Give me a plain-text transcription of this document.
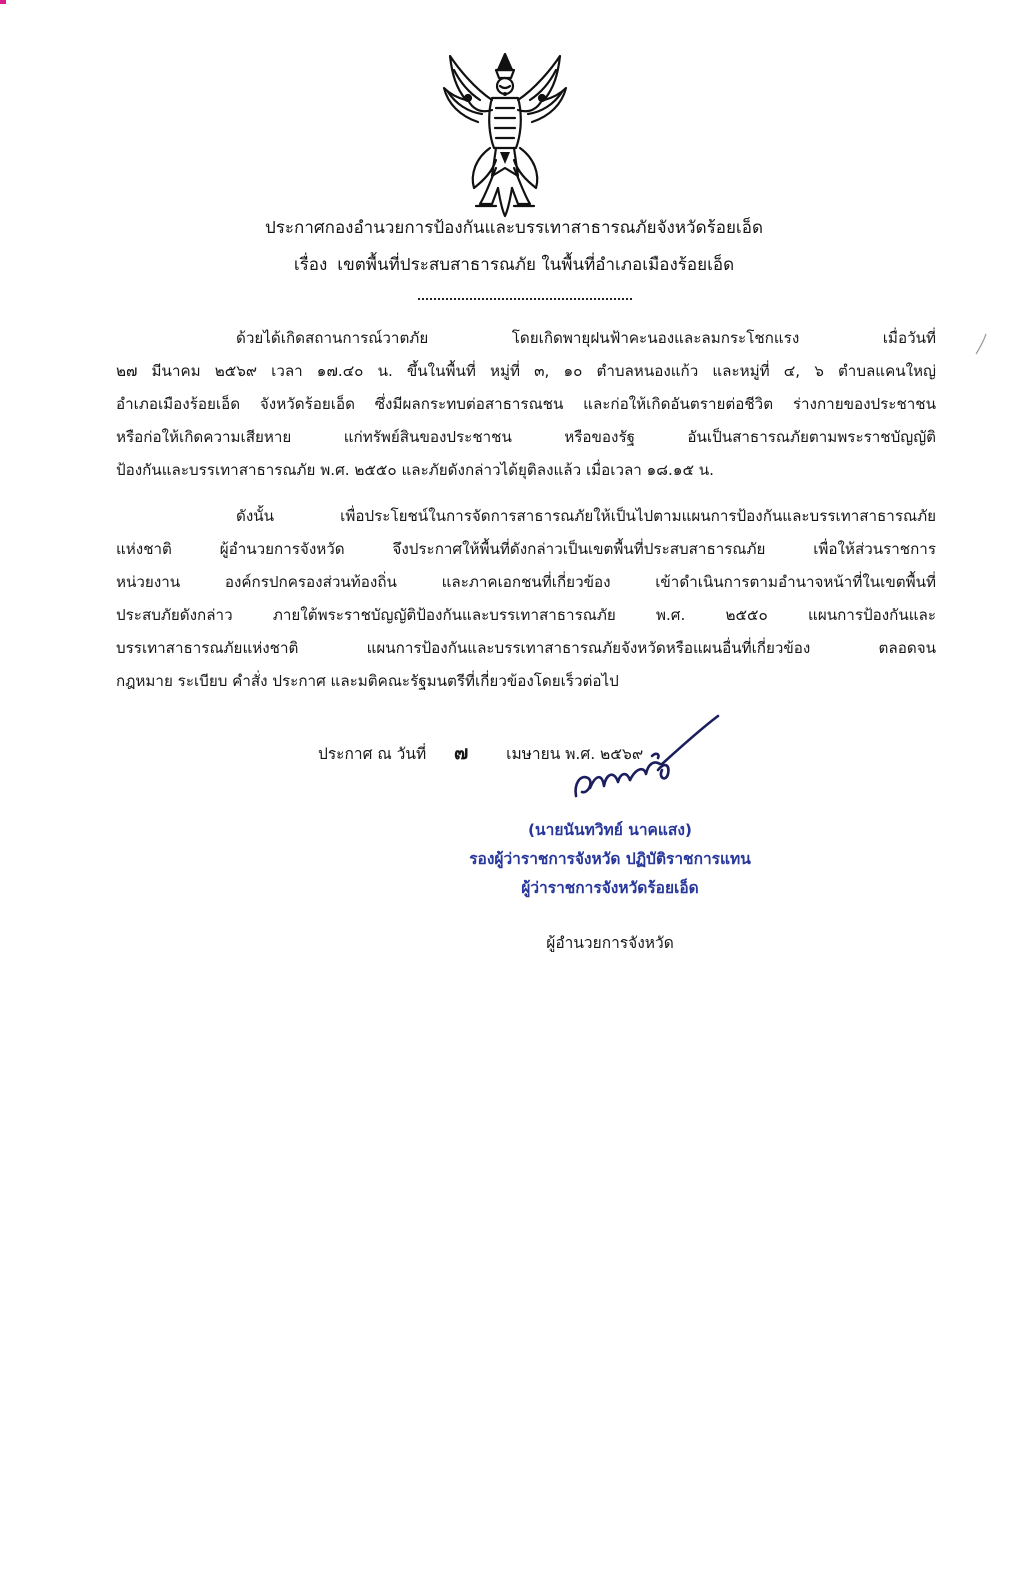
ประกาศกองอำนวยการป้องกันและบรรเทาสาธารณภัยจังหวัดร้อยเอ็ด
เรื่อง เขตพื้นที่ประสบสาธารณภัย ในพื้นที่อำเภอเมืองร้อยเอ็ด
ด้วยได้เกิดสถานการณ์วาตภัย โดยเกิดพายุฝนฟ้าคะนองและลมกระโชกแรง เมื่อวันที่
๒๗ มีนาคม ๒๕๖๙ เวลา ๑๗.๔๐ น. ขึ้นในพื้นที่ หมู่ที่ ๓, ๑๐ ตำบลหนองแก้ว และหมู่ที่ ๔, ๖ ตำบลแคนใหญ่
อำเภอเมืองร้อยเอ็ด จังหวัดร้อยเอ็ด ซึ่งมีผลกระทบต่อสาธารณชน และก่อให้เกิดอันตรายต่อชีวิต ร่างกายของประชาชน
หรือก่อให้เกิดความเสียหาย แก่ทรัพย์สินของประชาชน หรือของรัฐ อันเป็นสาธารณภัยตามพระราชบัญญัติ
ป้องกันและบรรเทาสาธารณภัย พ.ศ. ๒๕๕๐ และภัยดังกล่าวได้ยุติลงแล้ว เมื่อเวลา ๑๘.๑๕ น.
ดังนั้น เพื่อประโยชน์ในการจัดการสาธารณภัยให้เป็นไปตามแผนการป้องกันและบรรเทาสาธารณภัย
แห่งชาติ ผู้อำนวยการจังหวัด จึงประกาศให้พื้นที่ดังกล่าวเป็นเขตพื้นที่ประสบสาธารณภัย เพื่อให้ส่วนราชการ
หน่วยงาน องค์กรปกครองส่วนท้องถิ่น และภาคเอกชนที่เกี่ยวข้อง เข้าดำเนินการตามอำนาจหน้าที่ในเขตพื้นที่
ประสบภัยดังกล่าว ภายใต้พระราชบัญญัติป้องกันและบรรเทาสาธารณภัย พ.ศ. ๒๕๕๐ แผนการป้องกันและ
บรรเทาสาธารณภัยแห่งชาติ แผนการป้องกันและบรรเทาสาธารณภัยจังหวัดหรือแผนอื่นที่เกี่ยวข้อง ตลอดจน
กฎหมาย ระเบียบ คำสั่ง ประกาศ และมติคณะรัฐมนตรีที่เกี่ยวข้องโดยเร็วต่อไป
ประกาศ ณ วันที่ ๗ เมษายน พ.ศ. ๒๕๖๙
(นายนันทวิทย์ นาคแสง)
รองผู้ว่าราชการจังหวัด ปฏิบัติราชการแทน
ผู้ว่าราชการจังหวัดร้อยเอ็ด
ผู้อำนวยการจังหวัด
